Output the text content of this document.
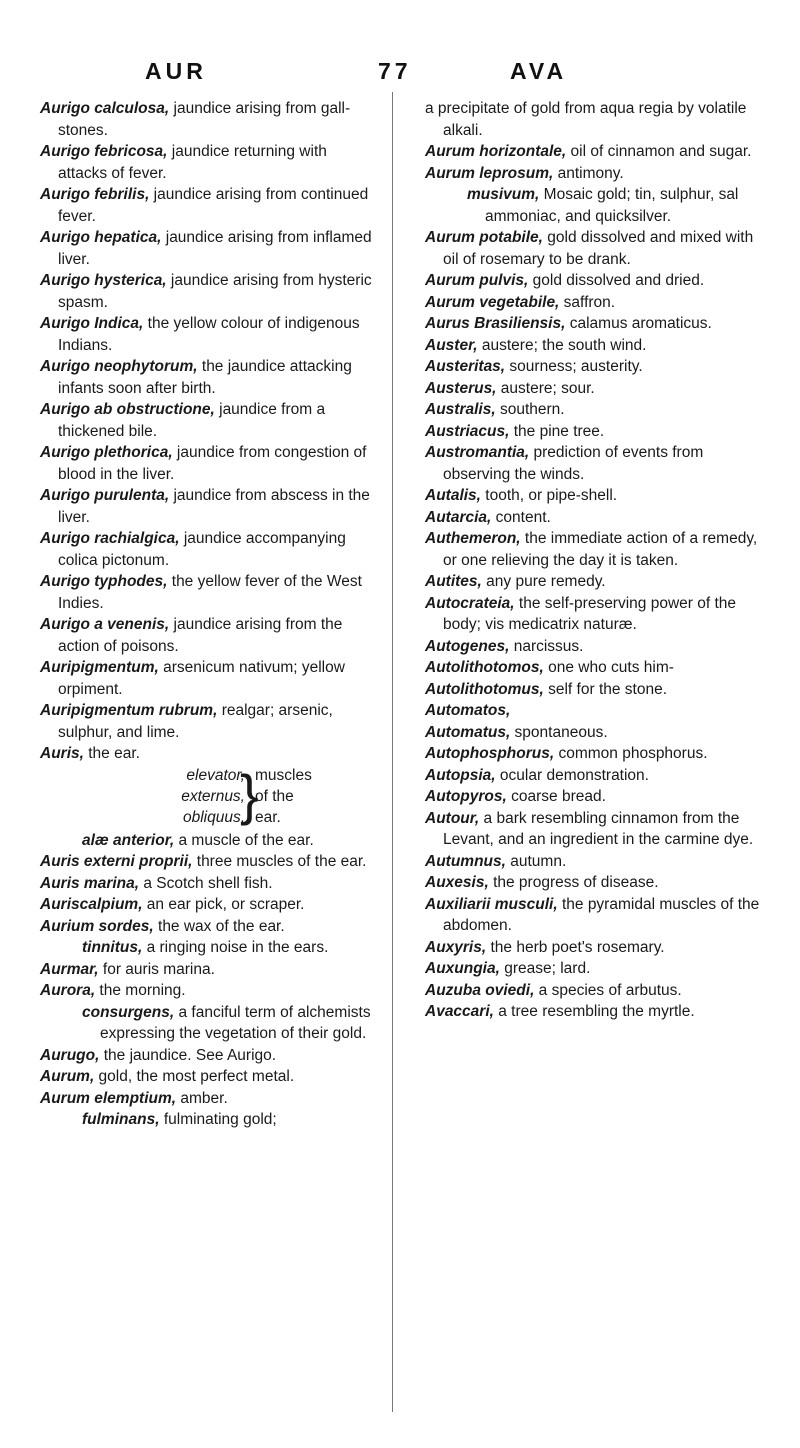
AUR	77	AVA

Aurigo calculosa, jaundice arising from gall-stones.

Aurigo febricosa, jaundice returning with attacks of fever.

Aurigo febrilis, jaundice arising from continued fever.

Aurigo hepatica, jaundice arising from inflamed liver.

Aurigo hysterica, jaundice arising from hysteric spasm.

Aurigo Indica, the yellow colour of indigenous Indians.

Aurigo neophytorum, the jaundice attacking infants soon after birth.

Aurigo ab obstructione, jaundice from a thickened bile.

Aurigo plethorica, jaundice from congestion of blood in the liver.

Aurigo purulenta, jaundice from abscess in the liver.

Aurigo rachialgica, jaundice accompanying colica pictonum.

Aurigo typhodes, the yellow fever of the West Indies.

Aurigo a venenis, jaundice arising from the action of poisons.

Auripigmentum, arsenicum nativum; yellow orpiment.

Auripigmentum rubrum, realgar; arsenic, sulphur, and lime.

Auris, the ear.

elevator,
externus,
obliquus,
}
muscles
of the
ear.

alæ anterior, a muscle of the ear.

Auris externi proprii, three muscles of the ear.

Auris marina, a Scotch shell fish.

Auriscalpium, an ear pick, or scraper.

Aurium sordes, the wax of the ear.

tinnitus, a ringing noise in the ears.

Aurmar, for auris marina.

Aurora, the morning.

consurgens, a fanciful term of alchemists expressing the vegetation of their gold.

Aurugo, the jaundice. See Aurigo.

Aurum, gold, the most perfect metal.

Aurum elemptium, amber.

fulminans, fulminating gold;

a precipitate of gold from aqua regia by volatile alkali.

Aurum horizontale, oil of cinnamon and sugar.

Aurum leprosum, antimony.

musivum, Mosaic gold; tin, sulphur, sal ammoniac, and quicksilver.

Aurum potabile, gold dissolved and mixed with oil of rosemary to be drank.

Aurum pulvis, gold dissolved and dried.

Aurum vegetabile, saffron.

Aurus Brasiliensis, calamus aromaticus.

Auster, austere; the south wind.

Austeritas, sourness; austerity.

Austerus, austere; sour.

Australis, southern.

Austriacus, the pine tree.

Austromantia, prediction of events from observing the winds.

Autalis, tooth, or pipe-shell.

Autarcia, content.

Authemeron, the immediate action of a remedy, or one relieving the day it is taken.

Autites, any pure remedy.

Autocrateia, the self-preserving power of the body; vis medicatrix naturæ.

Autogenes, narcissus.

Autolithotomos, one who cuts him-

Autolithotomus, self for the stone.

Automatos,

Automatus, spontaneous.

Autophosphorus, common phosphorus.

Autopsia, ocular demonstration.

Autopyros, coarse bread.

Autour, a bark resembling cinnamon from the Levant, and an ingredient in the carmine dye.

Autumnus, autumn.

Auxesis, the progress of disease.

Auxiliarii musculi, the pyramidal muscles of the abdomen.

Auxyris, the herb poet's rosemary.

Auxungia, grease; lard.

Auzuba oviedi, a species of arbutus.

Avaccari, a tree resembling the myrtle.
